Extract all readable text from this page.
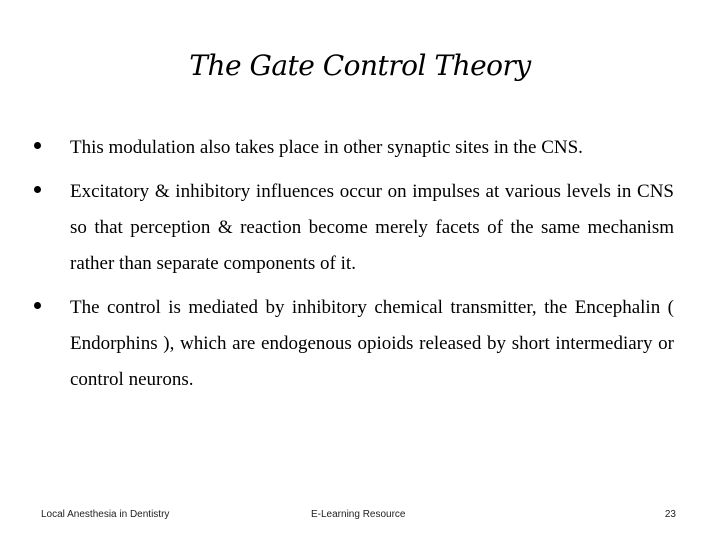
The Gate Control Theory
This modulation also takes place in other synaptic sites in the CNS.
Excitatory & inhibitory influences occur on impulses at various levels in CNS so that perception & reaction become merely facets of the same mechanism rather than separate components of it.
The control is mediated by inhibitory chemical transmitter, the Encephalin ( Endorphins ), which are endogenous opioids released by short intermediary or control neurons.
Local Anesthesia in Dentistry	E-Learning Resource	23
